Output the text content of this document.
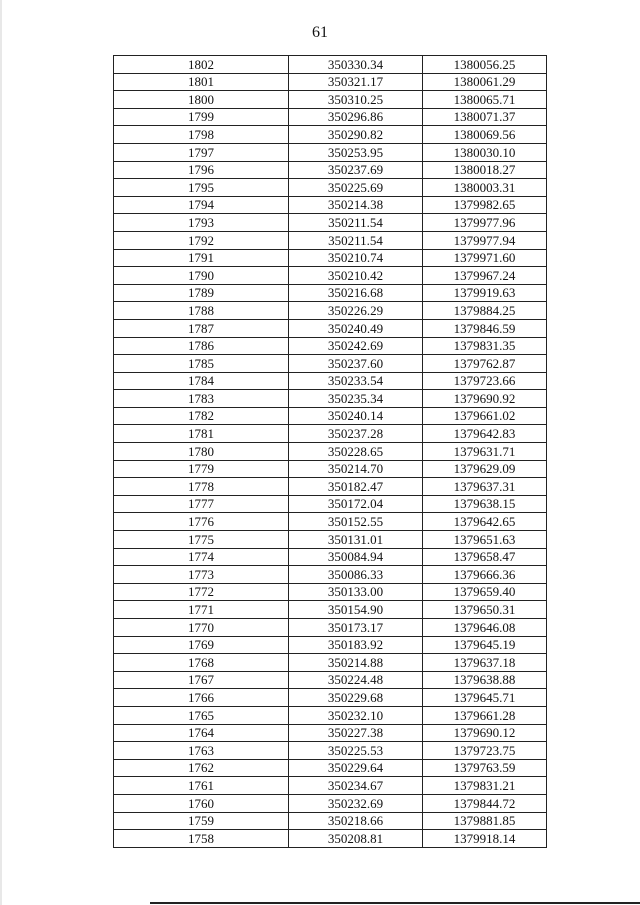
61
1802	350330.34	1380056.25
1801	350321.17	1380061.29
1800	350310.25	1380065.71
1799	350296.86	1380071.37
1798	350290.82	1380069.56
1797	350253.95	1380030.10
1796	350237.69	1380018.27
1795	350225.69	1380003.31
1794	350214.38	1379982.65
1793	350211.54	1379977.96
1792	350211.54	1379977.94
1791	350210.74	1379971.60
1790	350210.42	1379967.24
1789	350216.68	1379919.63
1788	350226.29	1379884.25
1787	350240.49	1379846.59
1786	350242.69	1379831.35
1785	350237.60	1379762.87
1784	350233.54	1379723.66
1783	350235.34	1379690.92
1782	350240.14	1379661.02
1781	350237.28	1379642.83
1780	350228.65	1379631.71
1779	350214.70	1379629.09
1778	350182.47	1379637.31
1777	350172.04	1379638.15
1776	350152.55	1379642.65
1775	350131.01	1379651.63
1774	350084.94	1379658.47
1773	350086.33	1379666.36
1772	350133.00	1379659.40
1771	350154.90	1379650.31
1770	350173.17	1379646.08
1769	350183.92	1379645.19
1768	350214.88	1379637.18
1767	350224.48	1379638.88
1766	350229.68	1379645.71
1765	350232.10	1379661.28
1764	350227.38	1379690.12
1763	350225.53	1379723.75
1762	350229.64	1379763.59
1761	350234.67	1379831.21
1760	350232.69	1379844.72
1759	350218.66	1379881.85
1758	350208.81	1379918.14
